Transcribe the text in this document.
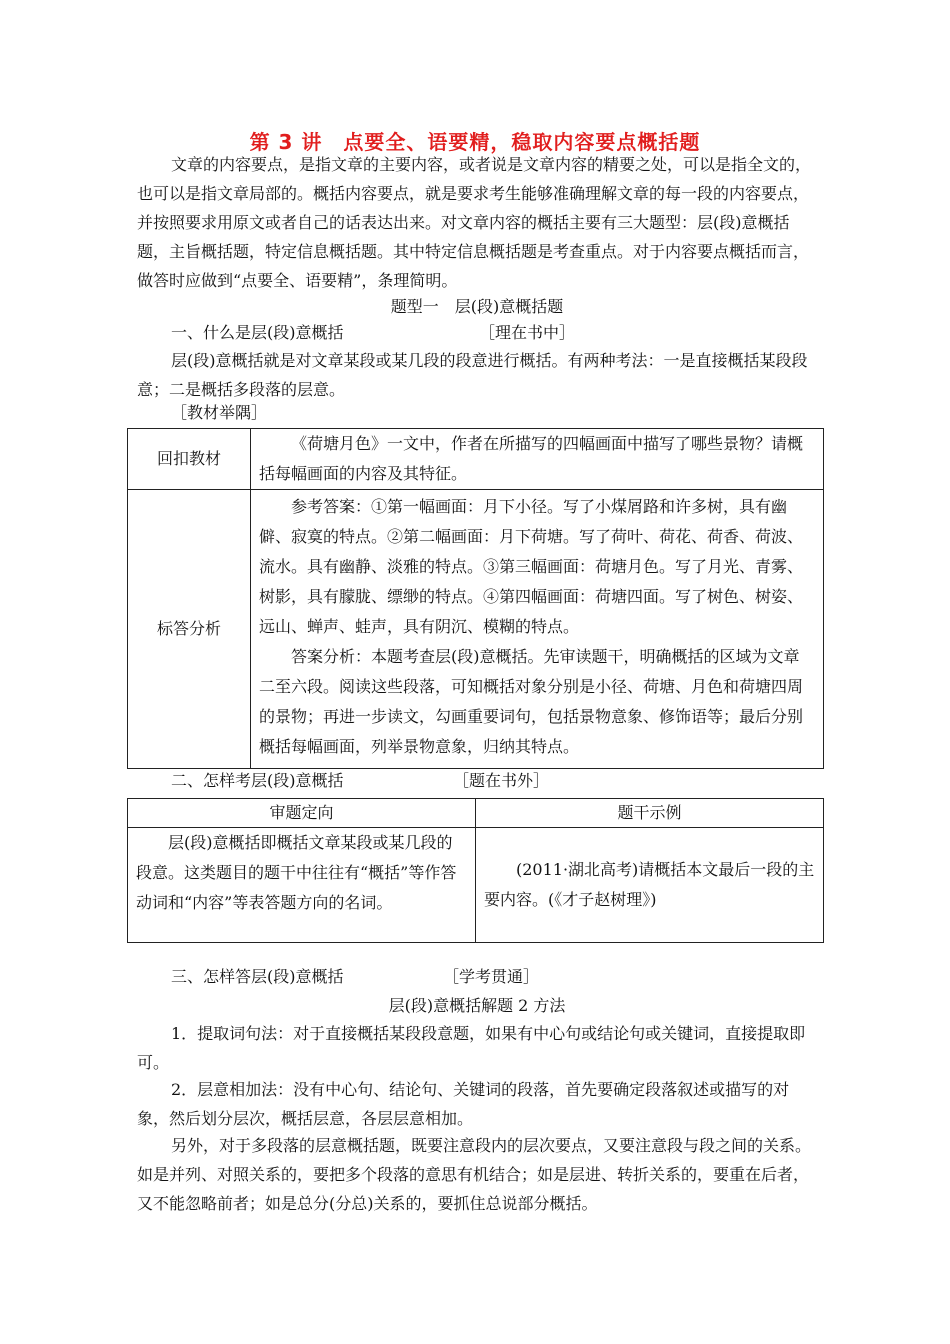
第 3 讲　点要全、语要精，稳取内容要点概括题
文章的内容要点，是指文章的主要内容，或者说是文章内容的精要之处，可以是指全文的，也可以是指文章局部的。概括内容要点，就是要求考生能够准确理解文章的每一段的内容要点，并按照要求用原文或者自己的话表达出来。对文章内容的概括主要有三大题型：层(段)意概括题，主旨概括题，特定信息概括题。其中特定信息概括题是考查重点。对于内容要点概括而言，做答时应做到“点要全、语要精”，条理简明。
题型一　层(段)意概括题
一、什么是层(段)意概括	［理在书中］
层(段)意概括就是对文章某段或某几段的段意进行概括。有两种考法：一是直接概括某段段意；二是概括多段落的层意。
［教材举隅］
回扣教材	《荷塘月色》一文中，作者在所描写的四幅画面中描写了哪些景物？请概括每幅画面的内容及其特征。

标答分析	参考答案：①第一幅画面：月下小径。写了小煤屑路和许多树，具有幽僻、寂寞的特点。②第二幅画面：月下荷塘。写了荷叶、荷花、荷香、荷波、流水。具有幽静、淡雅的特点。③第三幅画面：荷塘月色。写了月光、青雾、树影，具有朦胧、缥缈的特点。④第四幅画面：荷塘四面。写了树色、树姿、远山、蝉声、蛙声，具有阴沉、模糊的特点。

答案分析：本题考查层(段)意概括。先审读题干，明确概括的区域为文章二至六段。阅读这些段落，可知概括对象分别是小径、荷塘、月色和荷塘四周的景物；再进一步读文，勾画重要词句，包括景物意象、修饰语等；最后分别概括每幅画面，列举景物意象，归纳其特点。

二、怎样考层(段)意概括	［题在书外］
审题定向	题干示例

层(段)意概括即概括文章某段或某几段的段意。这类题目的题干中往往有“概括”等作答动词和“内容”等表答题方向的名词。	(2011·湖北高考)请概括本文最后一段的主要内容。(《才子赵树理》)

三、怎样答层(段)意概括	［学考贯通］
层(段)意概括解题 2 方法
1．提取词句法：对于直接概括某段段意题，如果有中心句或结论句或关键词，直接提取即可。
2．层意相加法：没有中心句、结论句、关键词的段落，首先要确定段落叙述或描写的对象，然后划分层次，概括层意，各层层意相加。
另外，对于多段落的层意概括题，既要注意段内的层次要点，又要注意段与段之间的关系。如是并列、对照关系的，要把多个段落的意思有机结合；如是层进、转折关系的，要重在后者，又不能忽略前者；如是总分(分总)关系的，要抓住总说部分概括。
